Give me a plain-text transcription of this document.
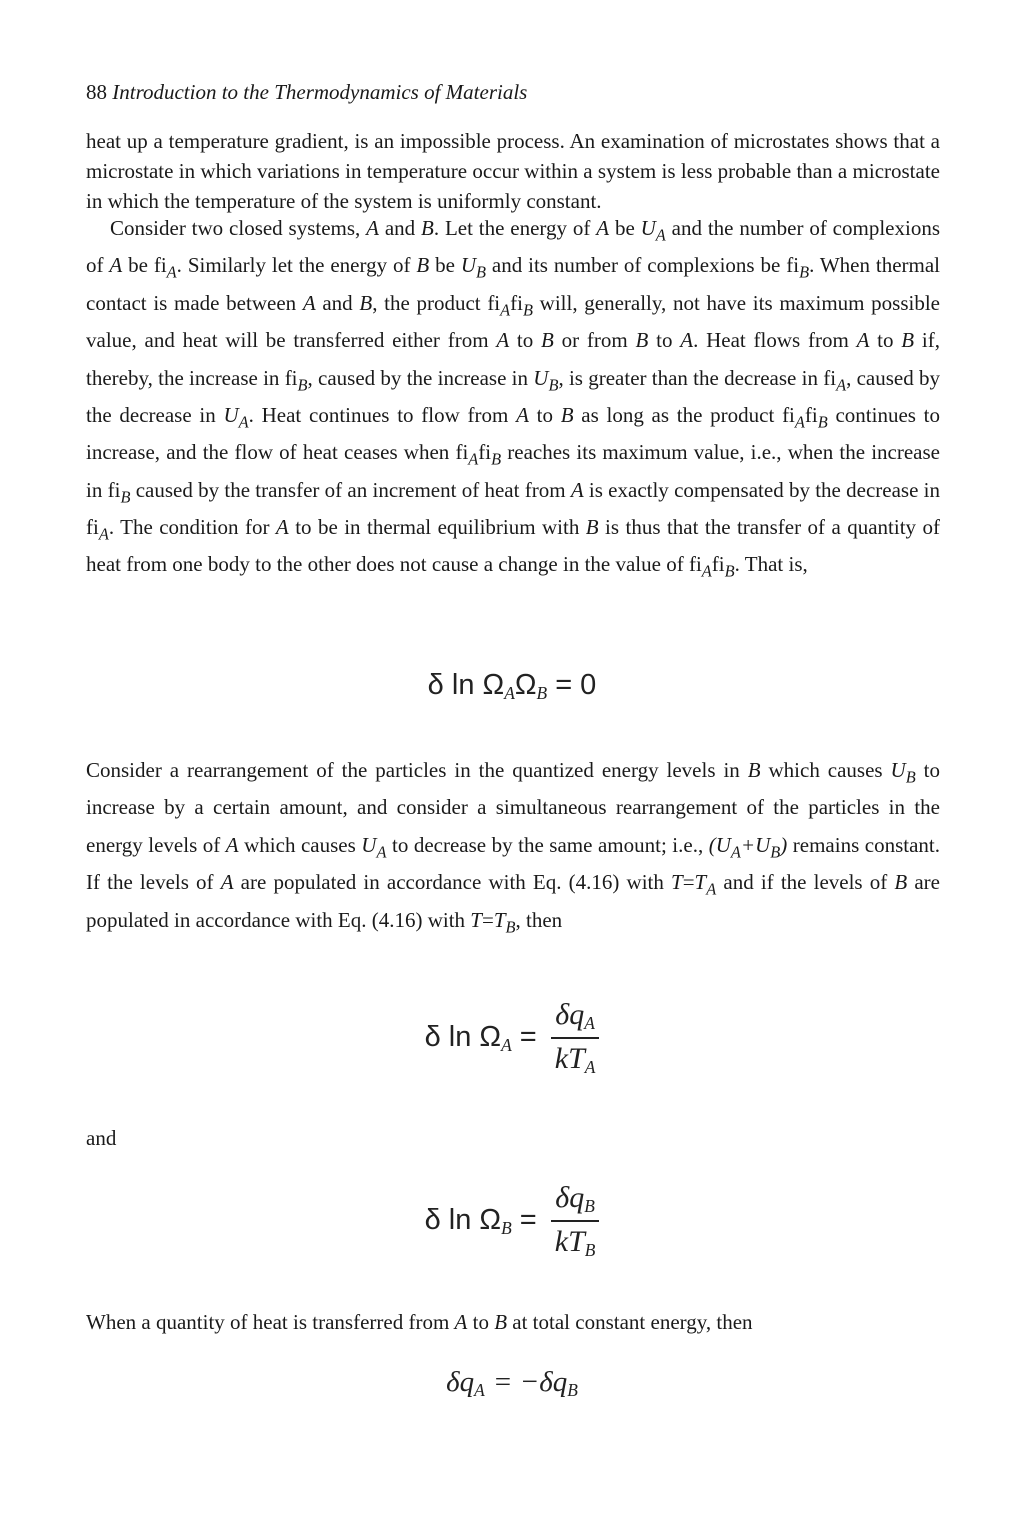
88 Introduction to the Thermodynamics of Materials

heat up a temperature gradient, is an impossible process. An examination of microstates shows that a microstate in which variations in temperature occur within a system is less probable than a microstate in which the temperature of the system is uniformly constant.

Consider two closed systems, A and B. Let the energy of A be $U_A$ and the number of complexions of A be $fi_A$. Similarly let the energy of B be $U_B$ and its number of complexions be $fi_B$. When thermal contact is made between A and B, the product $fi_Afi_B$ will, generally, not have its maximum possible value, and heat will be transferred either from A to B or from B to A. Heat flows from A to B if, thereby, the increase in $fi_B$, caused by the increase in $U_B$, is greater than the decrease in $fi_A$, caused by the decrease in $U_A$. Heat continues to flow from A to B as long as the product $fi_Afi_B$ continues to increase, and the flow of heat ceases when $fi_Afi_B$ reaches its maximum value, i.e., when the increase in $fi_B$ caused by the transfer of an increment of heat from A is exactly compensated by the decrease in $fi_A$. The condition for A to be in thermal equilibrium with B is thus that the transfer of a quantity of heat from one body to the other does not cause a change in the value of $fi_Afi_B$. That is,

δ $\ln \Omega_A\Omega_B = 0$

Consider a rearrangement of the particles in the quantized energy levels in B which causes $U_B$ to increase by a certain amount, and consider a simultaneous rearrangement of the particles in the energy levels of A which causes $U_A$ to decrease by the same amount; i.e., $(U_A+U_B)$ remains constant. If the levels of A are populated in accordance with Eq. (4.16) with $T=T_A$ and if the levels of B are populated in accordance with Eq. (4.16) with $T=T_B$, then

δ $\ln \Omega_A = \frac{\delta q_A}{kT_A}$
and
δ $\ln \Omega_B = \frac{\delta q_B}{kT_B}$

When a quantity of heat is transferred from A to B at total constant energy, then

$\delta q_A = -\delta q_B$
